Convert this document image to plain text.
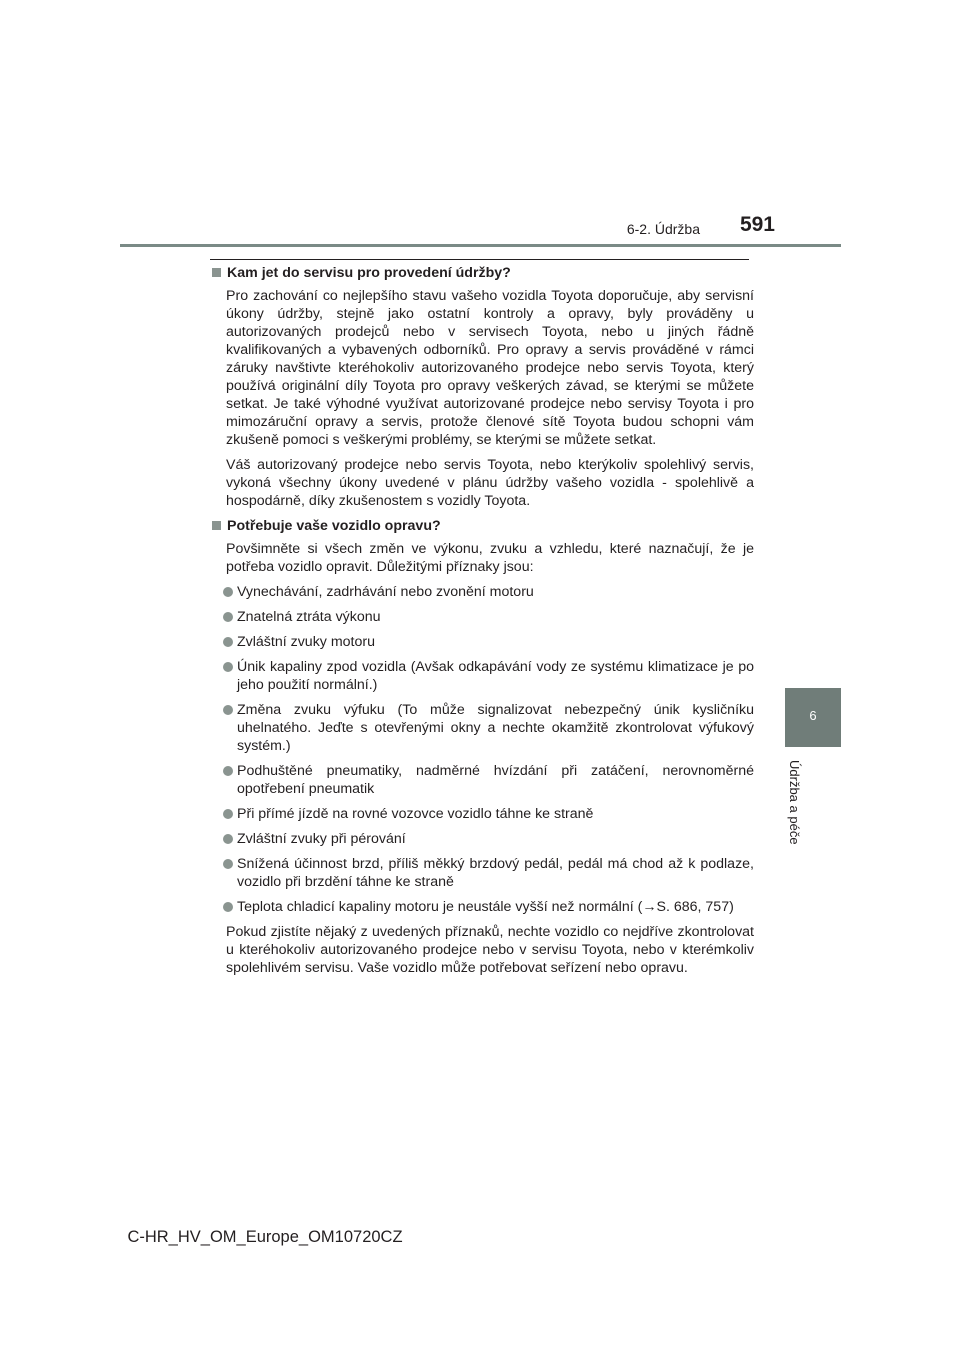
6-2. Údržba	591
6
Údržba a péče
Kam jet do servisu pro provedení údržby?

Pro zachování co nejlepšího stavu vašeho vozidla Toyota doporučuje, aby servisní úkony údržby, stejně jako ostatní kontroly a opravy, byly prováděny u autorizovaných prodejců nebo v servisech Toyota, nebo u jiných řádně kvalifikovaných a vybavených odborníků. Pro opravy a servis prováděné v rámci záruky navštivte kteréhokoliv autorizovaného prodejce nebo servis Toyota, který používá originální díly Toyota pro opravy veškerých závad, se kterými se můžete setkat. Je také výhodné využívat autorizované prodejce nebo servisy Toyota i pro mimozáruční opravy a servis, protože členové sítě Toyota budou schopni vám zkušeně pomoci s veškerými problémy, se kterými se můžete setkat.

Váš autorizovaný prodejce nebo servis Toyota, nebo kterýkoliv spolehlivý servis, vykoná všechny úkony uvedené v plánu údržby vašeho vozidla - spolehlivě a hospodárně, díky zkušenostem s vozidly Toyota.

Potřebuje vaše vozidlo opravu?

Povšimněte si všech změn ve výkonu, zvuku a vzhledu, které naznačují, že je potřeba vozidlo opravit. Důležitými příznaky jsou:

Vynechávání, zadrhávání nebo zvonění motoru
Znatelná ztráta výkonu
Zvláštní zvuky motoru
Únik kapaliny zpod vozidla (Avšak odkapávání vody ze systému klimatizace je po jeho použití normální.)
Změna zvuku výfuku (To může signalizovat nebezpečný únik kysličníku uhelnatého. Jeďte s otevřenými okny a nechte okamžitě zkontrolovat výfukový systém.)
Podhuštěné pneumatiky, nadměrné hvízdání při zatáčení, nerovnoměrné opotřebení pneumatik
Při přímé jízdě na rovné vozovce vozidlo táhne ke straně
Zvláštní zvuky při pérování
Snížená účinnost brzd, příliš měkký brzdový pedál, pedál má chod až k podlaze, vozidlo při brzdění táhne ke straně
Teplota chladicí kapaliny motoru je neustále vyšší než normální (→S. 686, 757)

Pokud zjistíte nějaký z uvedených příznaků, nechte vozidlo co nejdříve zkontrolovat u kteréhokoliv autorizovaného prodejce nebo v servisu Toyota, nebo v kterémkoliv spolehlivém servisu. Vaše vozidlo může potřebovat seřízení nebo opravu.

C-HR_HV_OM_Europe_OM10720CZ
